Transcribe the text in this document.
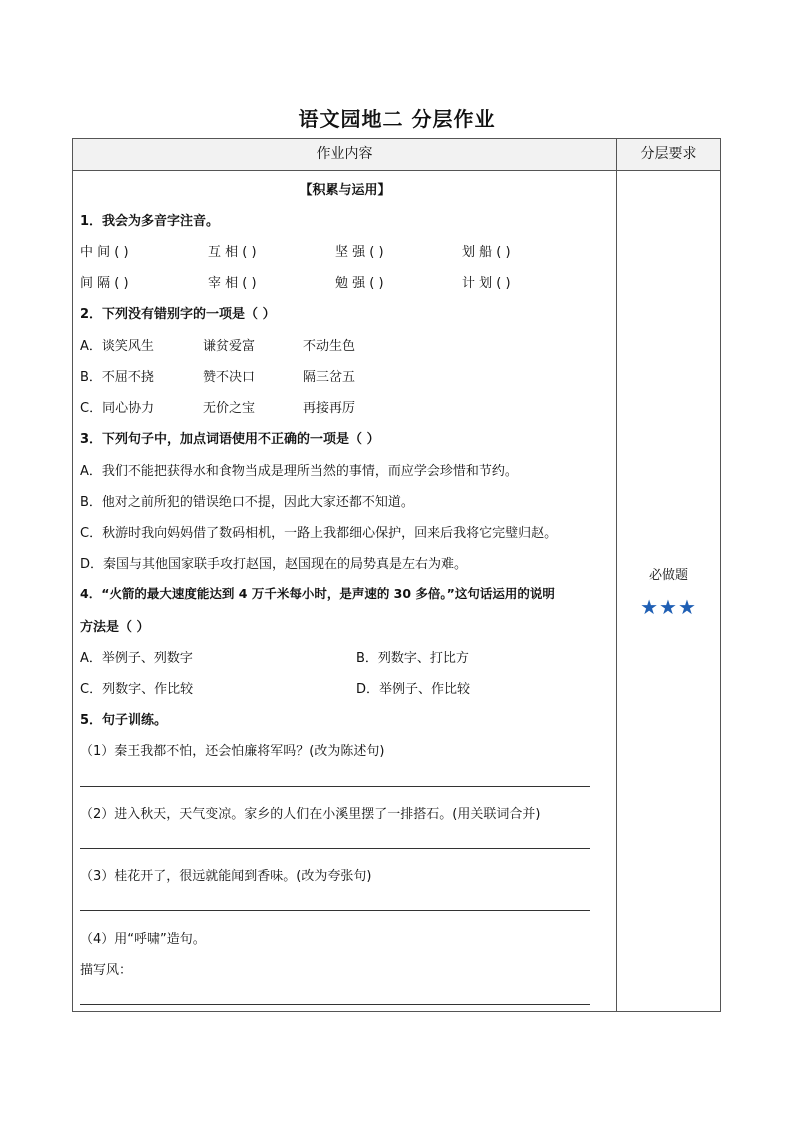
语文园地二 分层作业
作业内容	分层要求
【积累与运用】
1．我会为多音字注音。
中 间 ( )	互 相 ( )	坚 强 ( )	划 船 ( )
间 隔 ( )	宰 相 ( )	勉 强 ( )	计 划 ( )
2．下列没有错别字的一项是（ ）
A．谈笑风生	谦贫爱富	不动生色
B．不屈不挠	赞不决口	隔三岔五
C．同心协力	无价之宝	再接再厉
3．下列句子中，加点词语使用不正确的一项是（ ）
A．我们不能把获得水和食物当成是理所当然的事情，而应学会珍惜和节约。
B．他对之前所犯的错误绝口不提，因此大家还都不知道。
C．秋游时我向妈妈借了数码相机，一路上我都细心保护，回来后我将它完璧归赵。
D．秦国与其他国家联手攻打赵国，赵国现在的局势真是左右为难。
4．“火箭的最大速度能达到 4 万千米每小时，是声速的 30 多倍。”这句话运用的说明
方法是（ ）
A．举例子、列数字	B．列数字、打比方
C．列数字、作比较	D．举例子、作比较
5．句子训练。
（1）秦王我都不怕，还会怕廉将军吗？(改为陈述句)
（2）进入秋天，天气变凉。家乡的人们在小溪里摆了一排搭石。(用关联词合并)
（3）桂花开了，很远就能闻到香味。(改为夸张句)
（4）用“呼啸”造句。
描写风：
必做题
★★★
